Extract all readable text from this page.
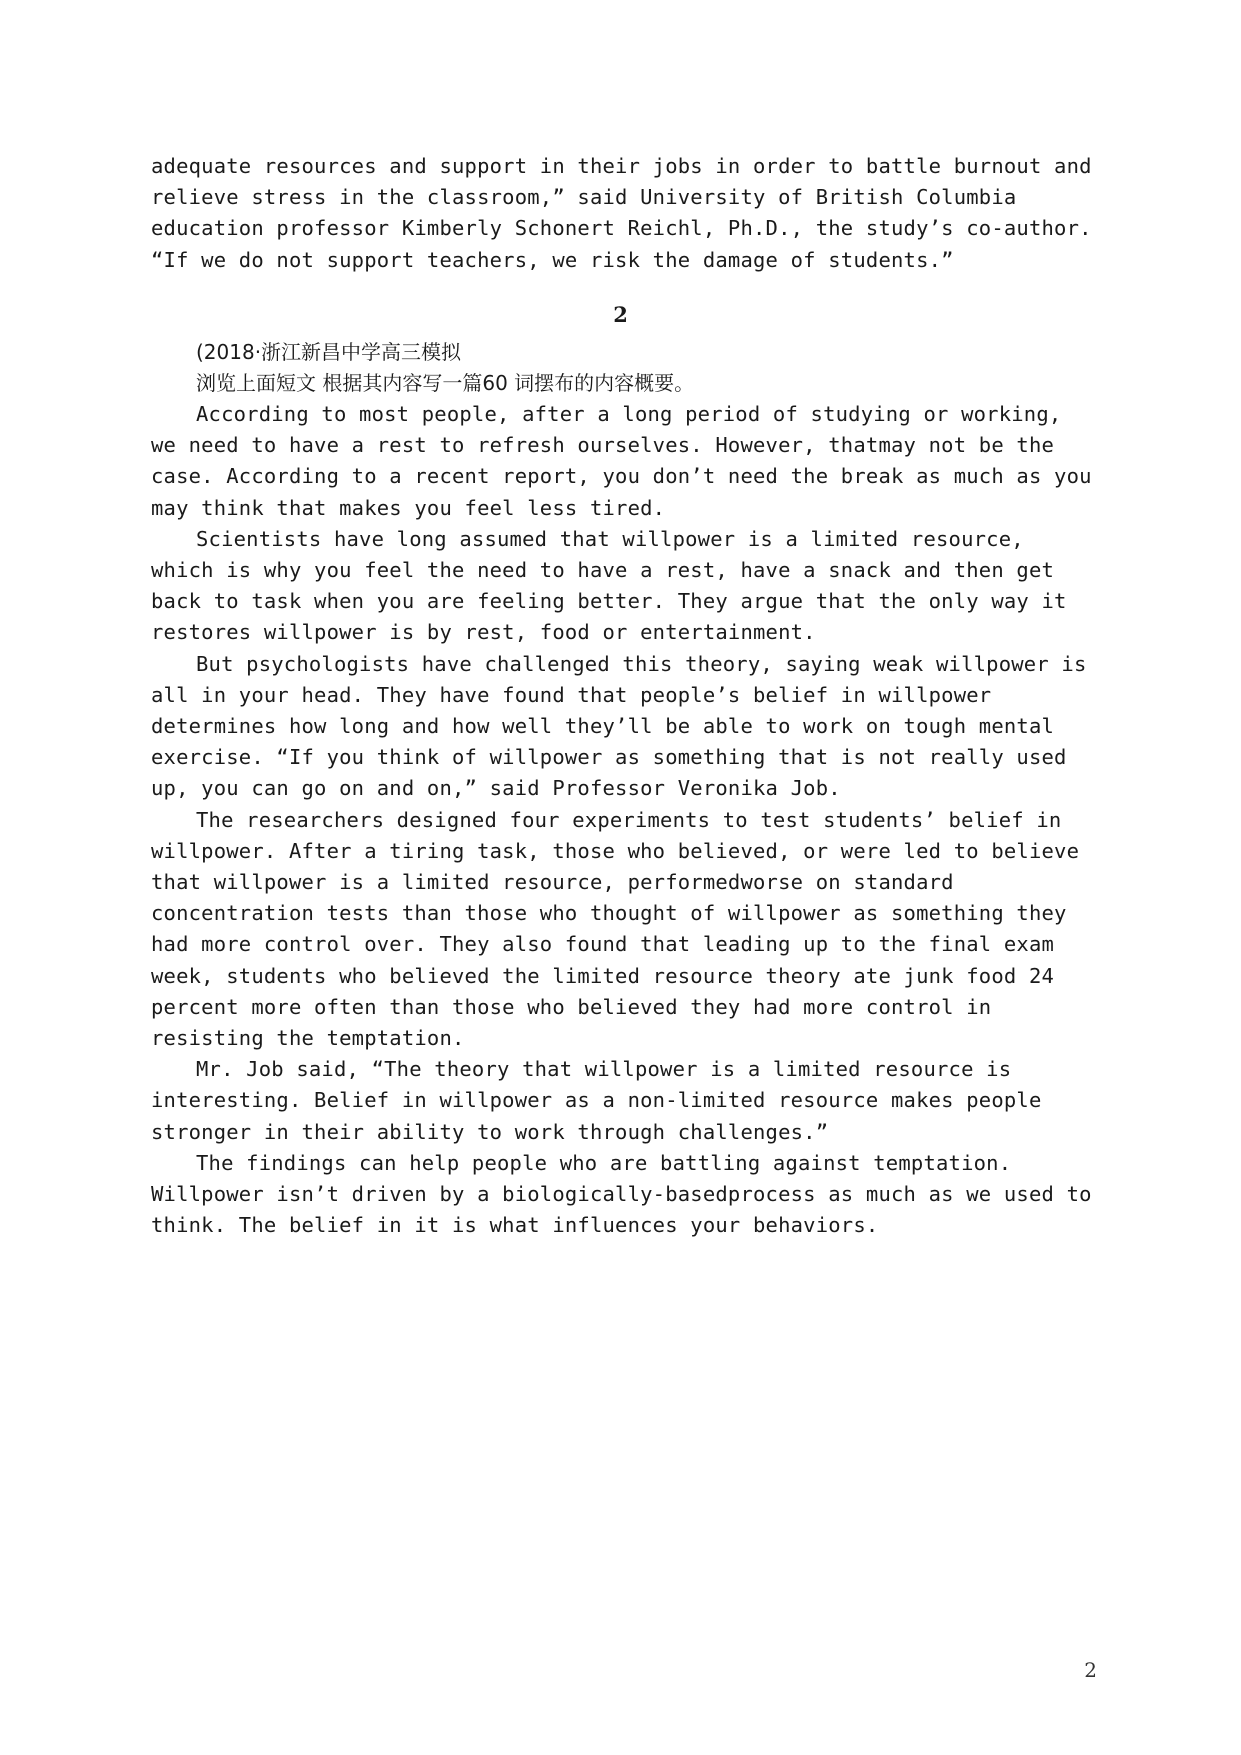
adequate resources and support in their jobs in order to battle burnout and relieve stress in the classroom,” said University of British Columbia education professor Kimberly Schonert Reichl, Ph.D., the study’s co-author. “If we do not support teachers, we risk the damage of students.”

2
(2018·浙江新昌中学高三模拟
浏览上面短文 根据其内容写一篇60 词摆布的内容概要。

According to most people, after a long period of studying or working, we need to have a rest to refresh ourselves. However, thatmay not be the case. According to a recent report, you don’t need the break as much as you may think that makes you feel less tired.

Scientists have long assumed that willpower is a limited resource, which is why you feel the need to have a rest, have a snack and then get back to task when you are feeling better. They argue that the only way it restores willpower is by rest, food or entertainment.

But psychologists have challenged this theory, saying weak willpower is all in your head. They have found that people’s belief in willpower determines how long and how well they’ll be able to work on tough mental exercise. “If you think of willpower as something that is not really used up, you can go on and on,” said Professor Veronika Job.

The researchers designed four experiments to test students’ belief in willpower. After a tiring task, those who believed, or were led to believe that willpower is a limited resource, performedworse on standard concentration tests than those who thought of willpower as something they had more control over. They also found that leading up to the final exam week, students who believed the limited resource theory ate junk food 24 percent more often than those who believed they had more control in resisting the temptation.

Mr. Job said, “The theory that willpower is a limited resource is interesting. Belief in willpower as a non-limited resource makes people stronger in their ability to work through challenges.”

The findings can help people who are battling against temptation. Willpower isn’t driven by a biologically-basedprocess as much as we used to think. The belief in it is what influences your behaviors.

2
